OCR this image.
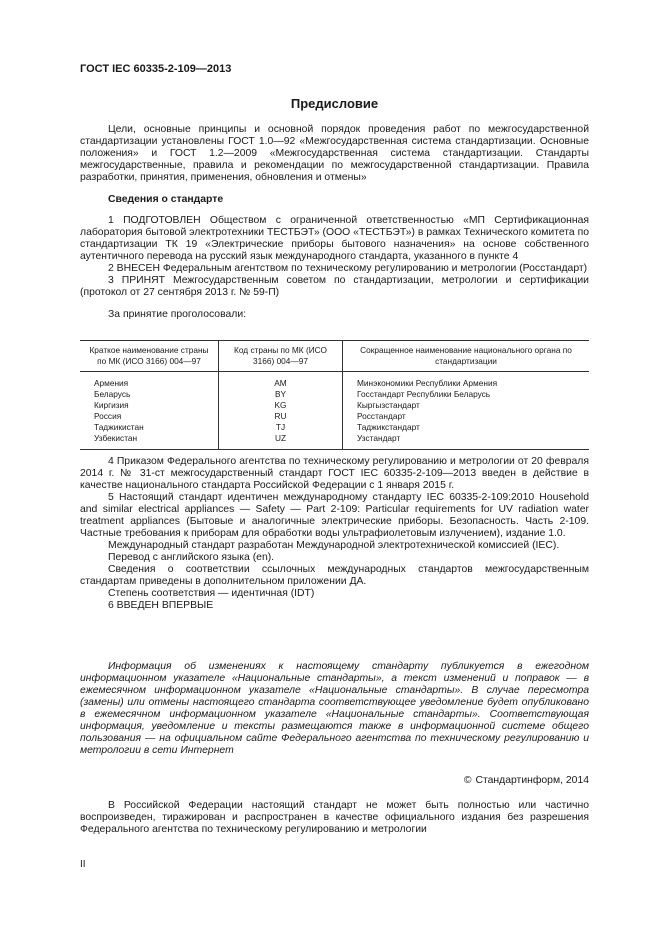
ГОСТ IEC 60335-2-109—2013
Предисловие

Цели, основные принципы и основной порядок проведения работ по межгосударственной стандартизации установлены ГОСТ 1.0—92 «Межгосударственная система стандартизации. Основные положения» и ГОСТ 1.2—2009 «Межгосударственная система стандартизации. Стандарты межгосударственные, правила и рекомендации по межгосударственной стандартизации. Правила разработки, принятия, применения, обновления и отмены»

Сведения о стандарте

1 ПОДГОТОВЛЕН Обществом с ограниченной ответственностью «МП Сертификационная лаборатория бытовой электротехники ТЕСТБЭТ» (ООО «ТЕСТБЭТ») в рамках Технического комитета по стандартизации ТК 19 «Электрические приборы бытового назначения» на основе собственного аутентичного перевода на русский язык международного стандарта, указанного в пункте 4

2 ВНЕСЕН Федеральным агентством по техническому регулированию и метрологии (Росстандарт)

3 ПРИНЯТ Межгосударственным советом по стандартизации, метрологии и сертификации (протокол от 27 сентября 2013 г. № 59-П)

За принятие проголосовали:

Краткое наименование страны по МК (ИСО 3166) 004—97	Код страны по МК (ИСО 3166) 004—97	Сокращенное наименование национального органа по стандартизации
Армения	AM	Минэкономики Республики Армения
Беларусь	BY	Госстандарт Республики Беларусь
Киргизия	KG	Кыргызстандарт
Россия	RU	Росстандарт
Таджикистан	TJ	Таджикстандарт
Узбекистан	UZ	Узстандарт

4 Приказом Федерального агентства по техническому регулированию и метрологии от 20 февраля 2014 г. № 31-ст межгосударственный стандарт ГОСТ IEC 60335-2-109—2013 введен в действие в качестве национального стандарта Российской Федерации с 1 января 2015 г.

5 Настоящий стандарт идентичен международному стандарту IEC 60335-2-109:2010 Household and similar electrical appliances — Safety — Part 2-109: Particular requirements for UV radiation water treatment appliances (Бытовые и аналогичные электрические приборы. Безопасность. Часть 2-109. Частные требования к приборам для обработки воды ультрафиолетовым излучением), издание 1.0.

Международный стандарт разработан Международной электротехнической комиссией (IEC).

Перевод с английского языка (en).

Сведения о соответствии ссылочных международных стандартов межгосударственным стандартам приведены в дополнительном приложении ДА.

Степень соответствия — идентичная (IDT)

6 ВВЕДЕН ВПЕРВЫЕ

Информация об изменениях к настоящему стандарту публикуется в ежегодном информационном указателе «Национальные стандарты», а текст изменений и поправок — в ежемесячном информационном указателе «Национальные стандарты». В случае пересмотра (замены) или отмены настоящего стандарта соответствующее уведомление будет опубликовано в ежемесячном информационном указателе «Национальные стандарты». Соответствующая информация, уведомление и тексты размещаются также в информационной системе общего пользования — на официальном сайте Федерального агентства по техническому регулированию и метрологии в сети Интернет

© Стандартинформ, 2014

В Российской Федерации настоящий стандарт не может быть полностью или частично воспроизведен, тиражирован и распространен в качестве официального издания без разрешения Федерального агентства по техническому регулированию и метрологии

II
